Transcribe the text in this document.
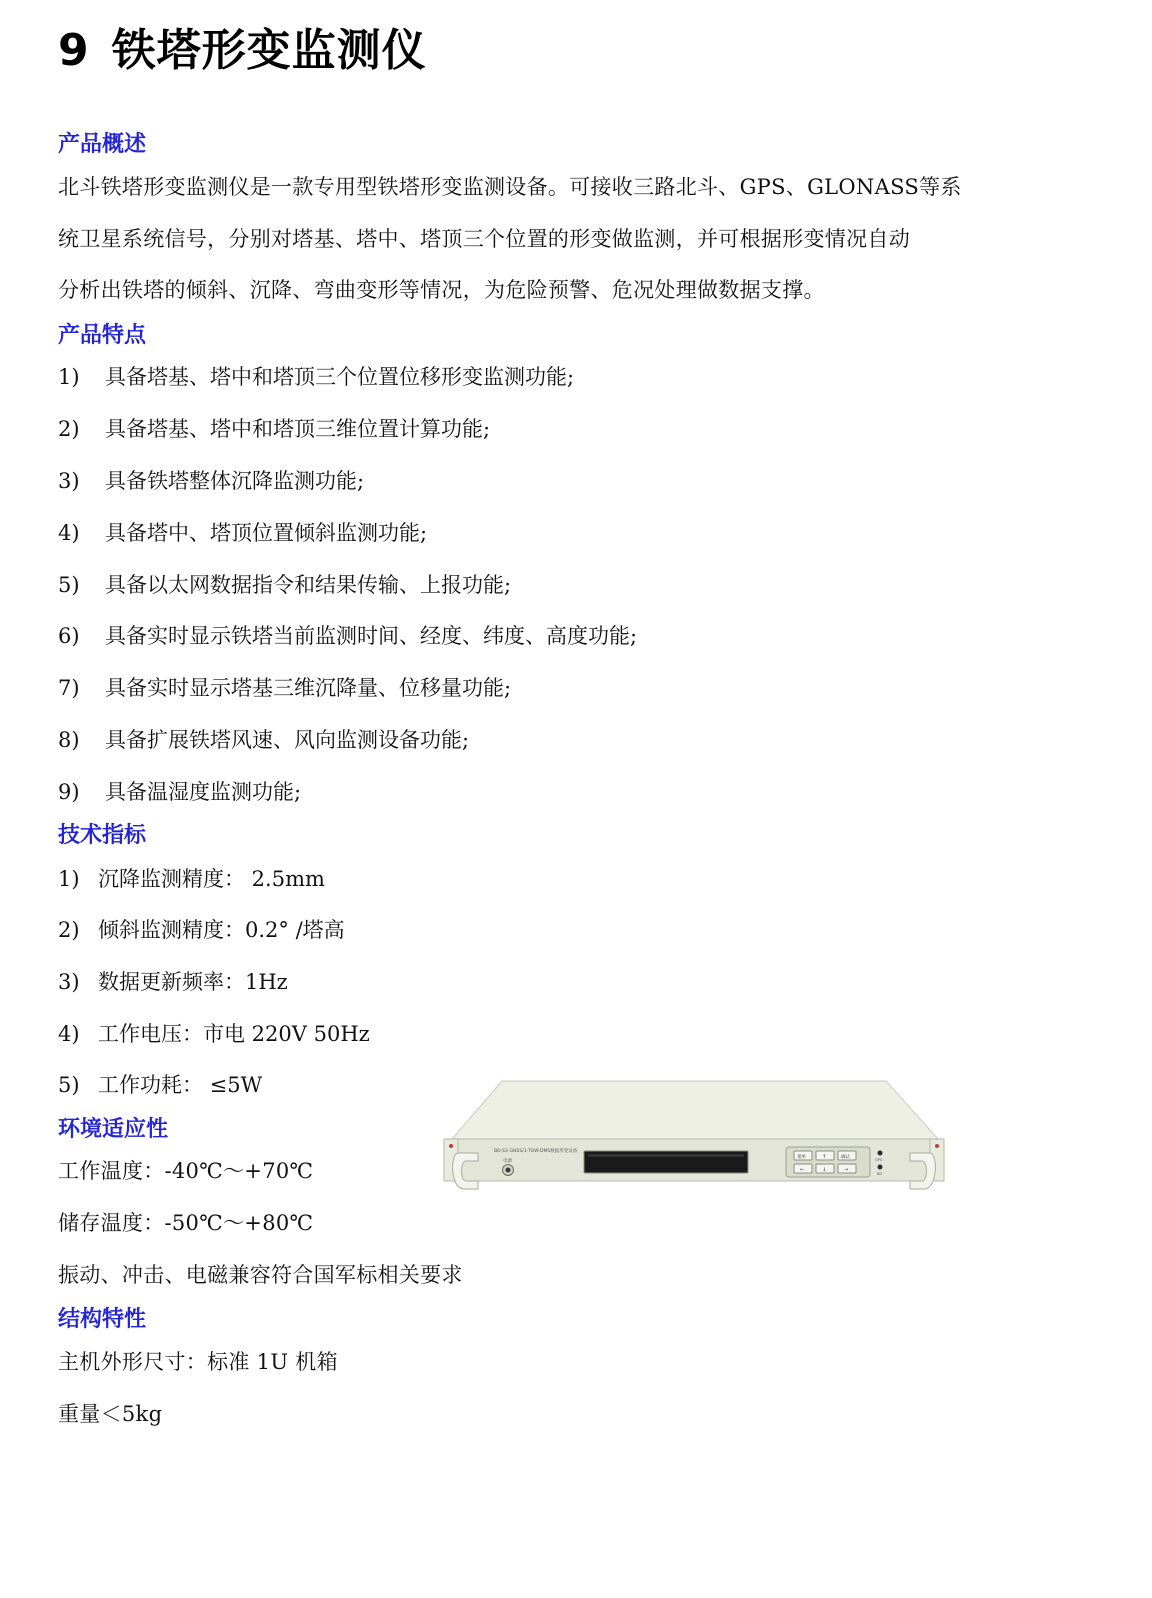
9 铁塔形变监测仪
产品概述
北斗铁塔形变监测仪是一款专用型铁塔形变监测设备。可接收三路北斗、GPS、GLONASS等系
统卫星系统信号，分别对塔基、塔中、塔顶三个位置的形变做监测，并可根据形变情况自动
分析出铁塔的倾斜、沉降、弯曲变形等情况，为危险预警、危况处理做数据支撑。
产品特点
1) 具备塔基、塔中和塔顶三个位置位移形变监测功能;
2) 具备塔基、塔中和塔顶三维位置计算功能;
3) 具备铁塔整体沉降监测功能;
4) 具备塔中、塔顶位置倾斜监测功能;
5) 具备以太网数据指令和结果传输、上报功能;
6) 具备实时显示铁塔当前监测时间、经度、纬度、高度功能;
7) 具备实时显示塔基三维沉降量、位移量功能;
8) 具备扩展铁塔风速、风向监测设备功能;
9) 具备温湿度监测功能;
技术指标
1) 沉降监测精度： 2.5mm
2) 倾斜监测精度：0.2° /塔高
3) 数据更新频率：1Hz
4) 工作电压：市电 220V 50Hz
5) 工作功耗： ≤5W
环境适应性
工作温度：-40℃～+70℃
储存温度：-50℃～+80℃
振动、冲击、电磁兼容符合国军标相关要求
结构特性
主机外形尺寸：标准 1U 机箱
重量＜5kg
BD-S3-GNSS/1-TOW-DMS数据形变设备
电源
菜单	↑	确认
←	↓	→
GPS
BD
